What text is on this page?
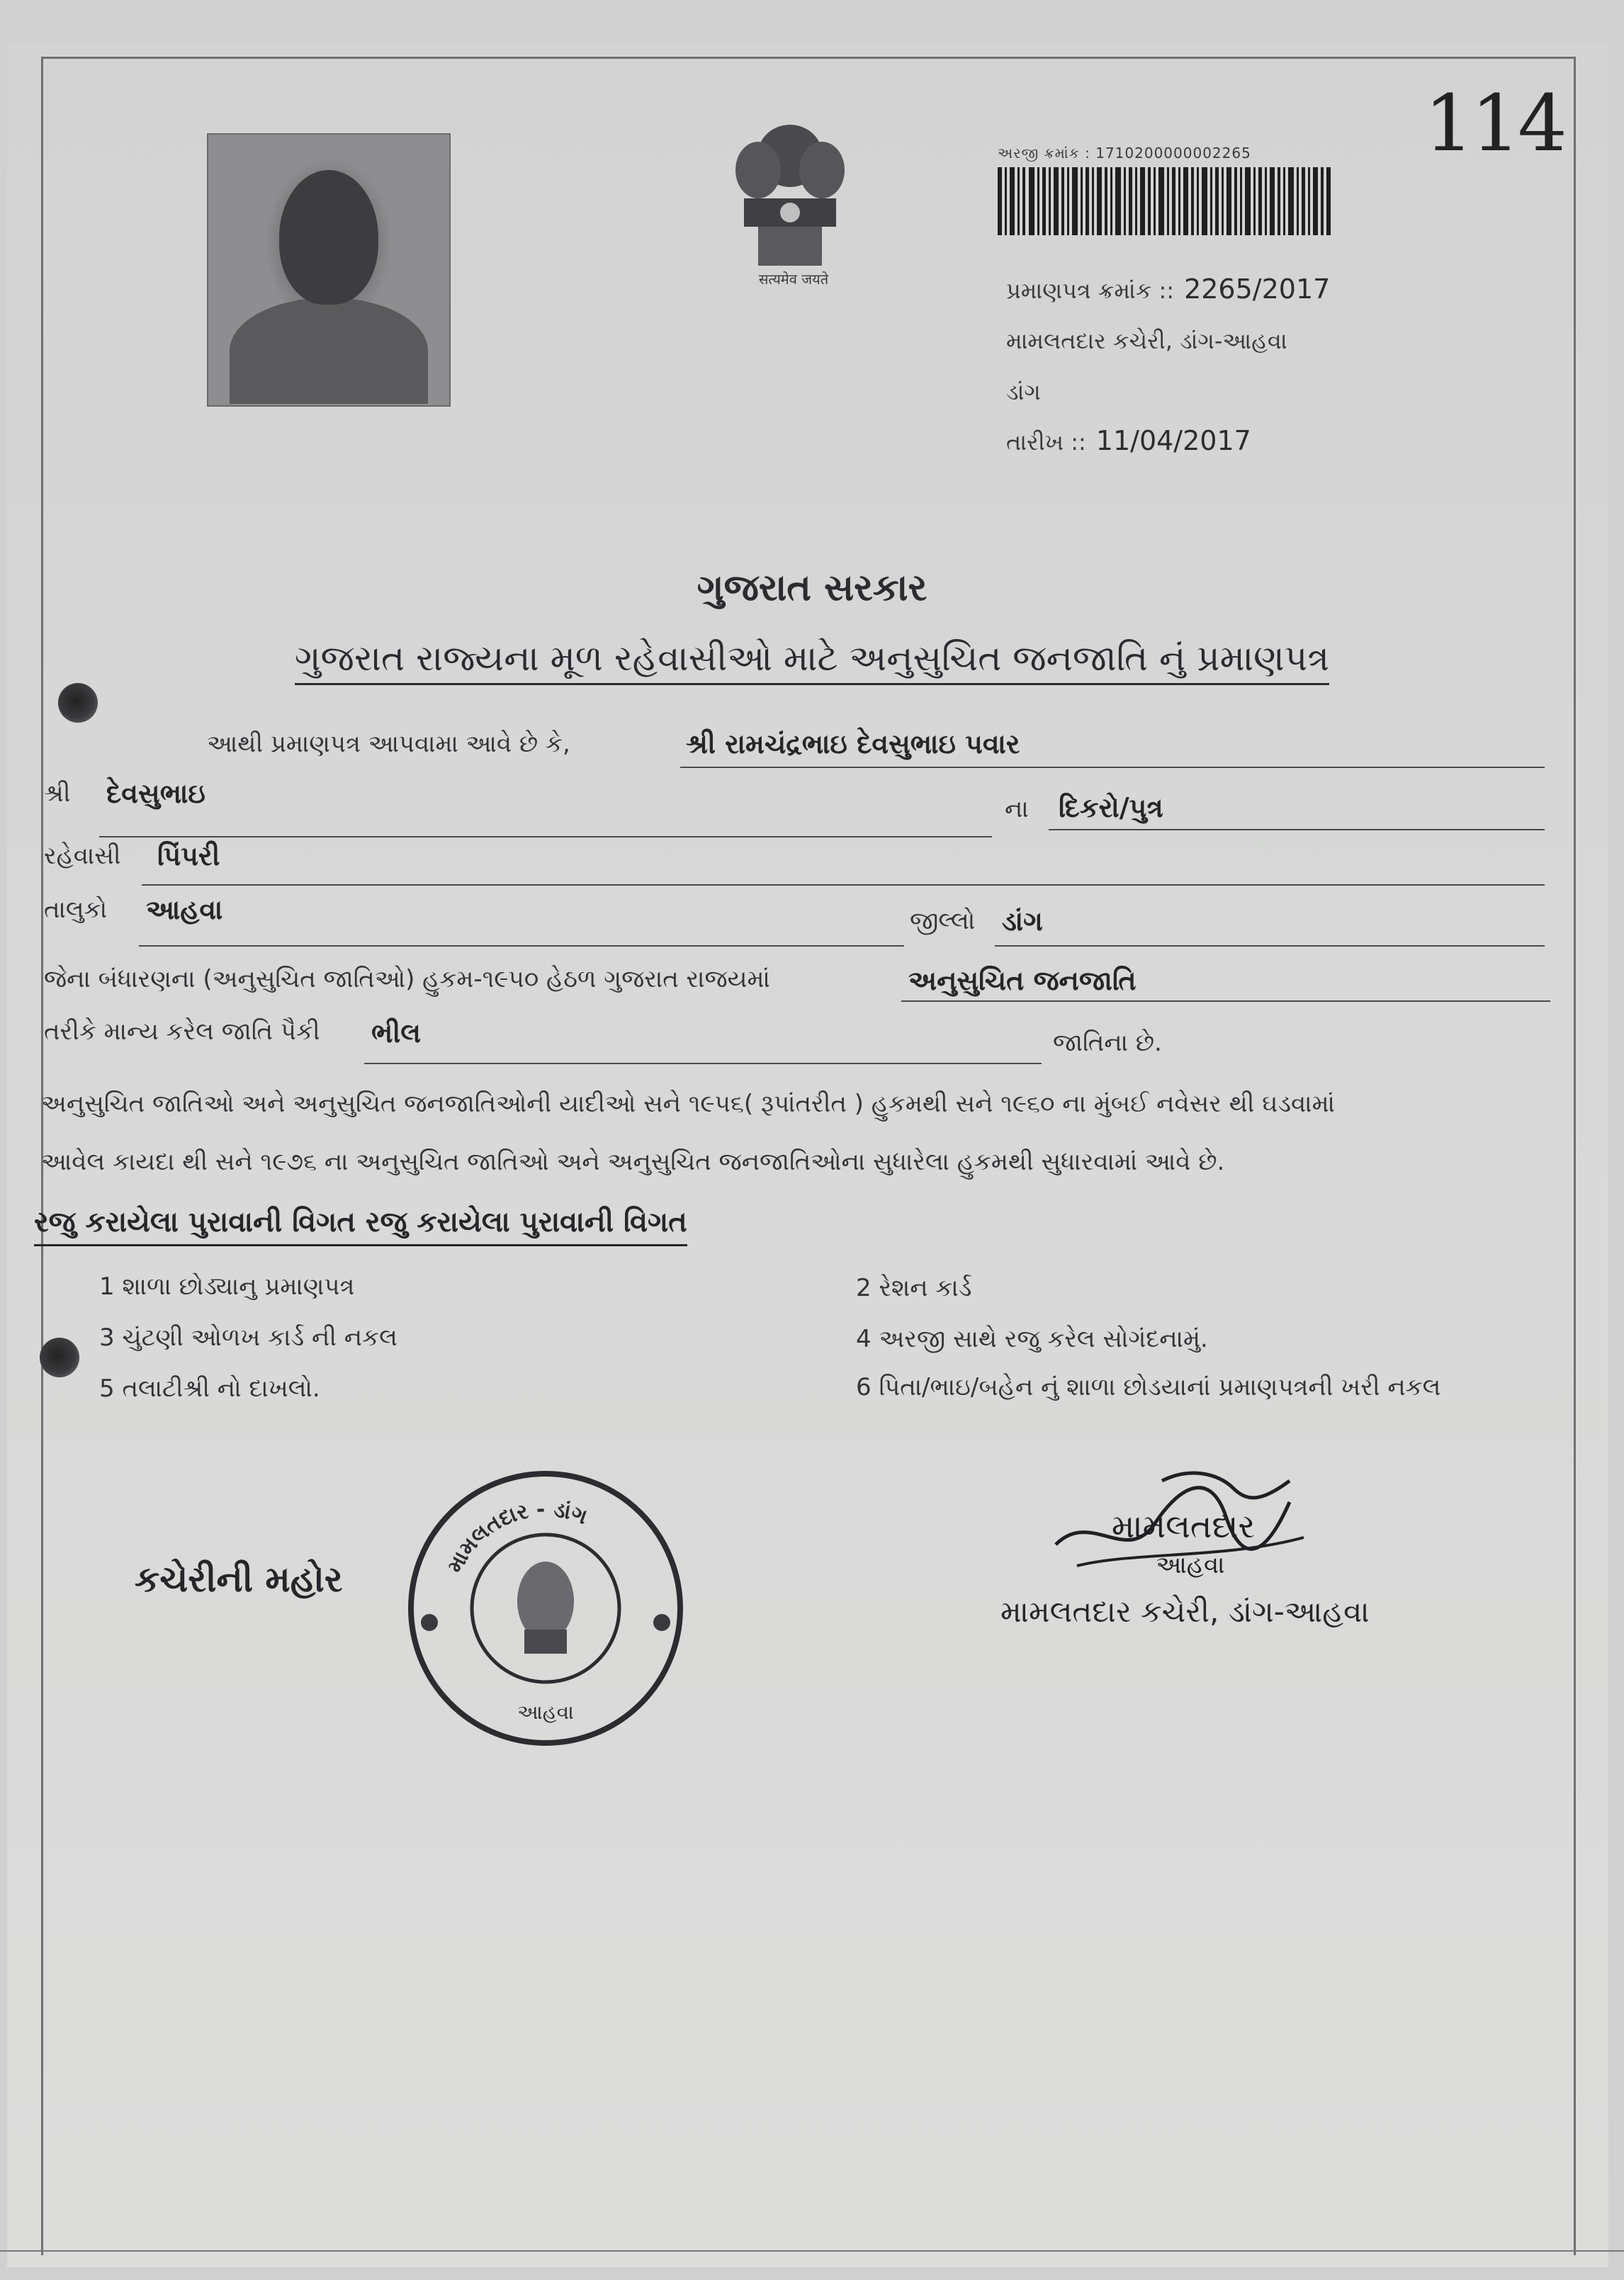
114
सत्यमेव जयते
અરજી ક્રમાંક : 1710200000002265
પ્રમાણપત્ર ક્રમાંક :: 2265/2017
મામલતદાર કચેરી, ડાંગ-આહવા
ડાંગ
તારીખ :: 11/04/2017
ગુજરાત સરકાર
ગુજરાત રાજ્યના મૂળ રહેવાસીઓ માટે અનુસુચિત જનજાતિ નું પ્રમાણપત્ર
આથી પ્રમાણપત્ર આપવામા આવે છે કે,	શ્રી રામચંદ્રભાઇ દેવસુભાઇ પવાર
શ્રી દેવસુભાઇ	ના દિકરો/પુત્ર
રહેવાસી પિંપરી
તાલુકો આહવા	જીલ્લો ડાંગ
જેના બંધારણના (અનુસુચિત જાતિઓ) હુકમ-૧૯૫૦ હેઠળ ગુજરાત રાજયમાં	અનુસુચિત જનજાતિ
તરીકે માન્ય કરેલ જાતિ પૈકી ભીલ	જાતિના છે.
અનુસુચિત જાતિઓ અને અનુસુચિત જનજાતિઓની યાદીઓ સને ૧૯૫૬( રૂપાંતરીત ) હુકમથી સને ૧૯૬૦ ના મુંબઈ નવેસર થી ઘડવામાં
આવેલ કાયદા થી સને ૧૯૭૬ ના અનુસુચિત જાતિઓ અને અનુસુચિત જનજાતિઓના સુધારેલા હુકમથી સુધારવામાં આવે છે.
રજુ કરાયેલા પુરાવાની વિગત રજુ કરાયેલા પુરાવાની વિગત
1 શાળા છોડ્યાનુ પ્રમાણપત્ર	2 રેશન કાર્ડ
3 ચુંટણી ઓળખ કાર્ડ ની નકલ	4 અરજી સાથે રજુ કરેલ સોગંદનામું.
5 તલાટીશ્રી નો દાખલો.	6 પિતા/ભાઇ/બહેન નું શાળા છોડયાનાં પ્રમાણપત્રની ખરી નકલ
કચેરીની મહોર	મામલતદાર - ડાંગ
આહવા
મામલતદાર
આહવા
મામલતદાર કચેરી, ડાંગ-આહવા
